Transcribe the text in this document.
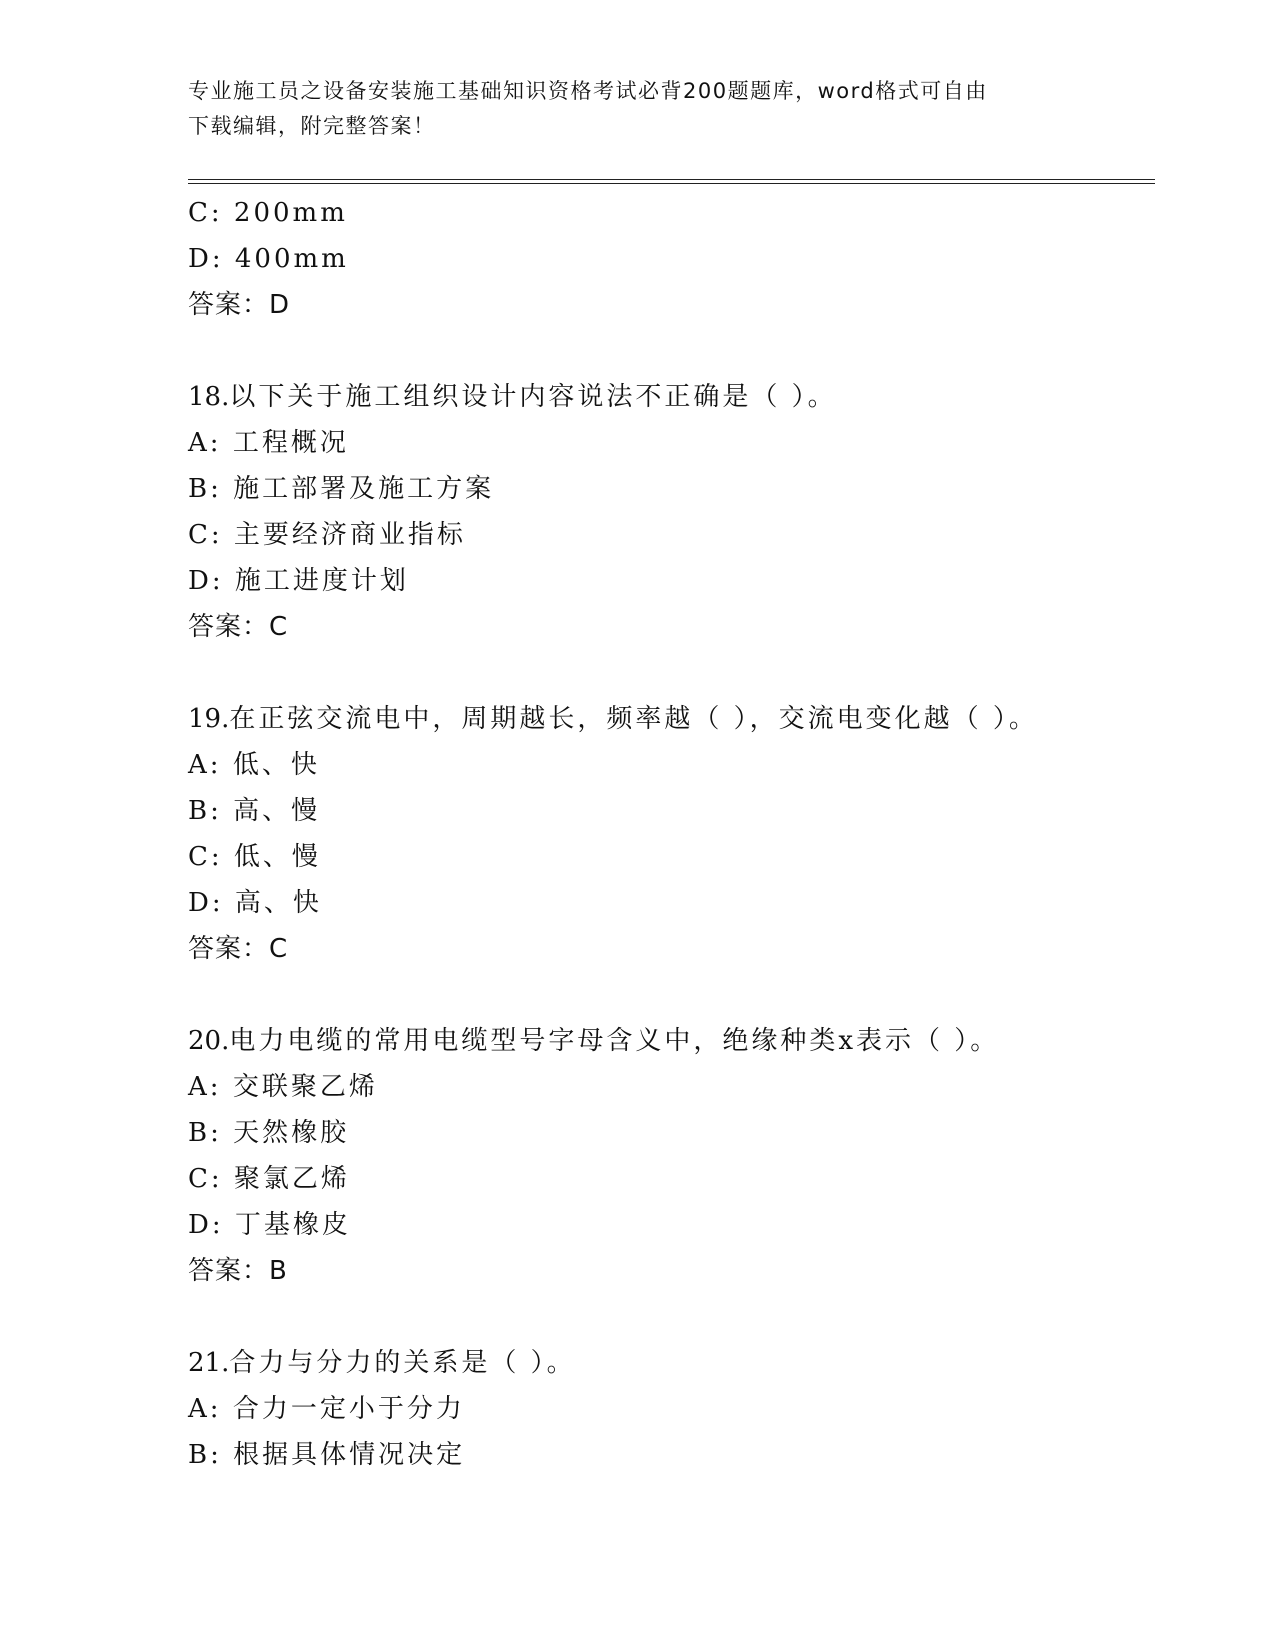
专业施工员之设备安装施工基础知识资格考试必背200题题库，word格式可自由
下载编辑，附完整答案！
C: 200mm
D: 400mm
答案：D
18.以下关于施工组织设计内容说法不正确是（ ）。
A: 工程概况
B: 施工部署及施工方案
C: 主要经济商业指标
D: 施工进度计划
答案：C
19.在正弦交流电中，周期越长，频率越（ ），交流电变化越（ ）。
A: 低、快
B: 高、慢
C: 低、慢
D: 高、快
答案：C
20.电力电缆的常用电缆型号字母含义中，绝缘种类x表示（ ）。
A: 交联聚乙烯
B: 天然橡胶
C: 聚氯乙烯
D: 丁基橡皮
答案：B
21.合力与分力的关系是（ ）。
A: 合力一定小于分力
B: 根据具体情况决定
